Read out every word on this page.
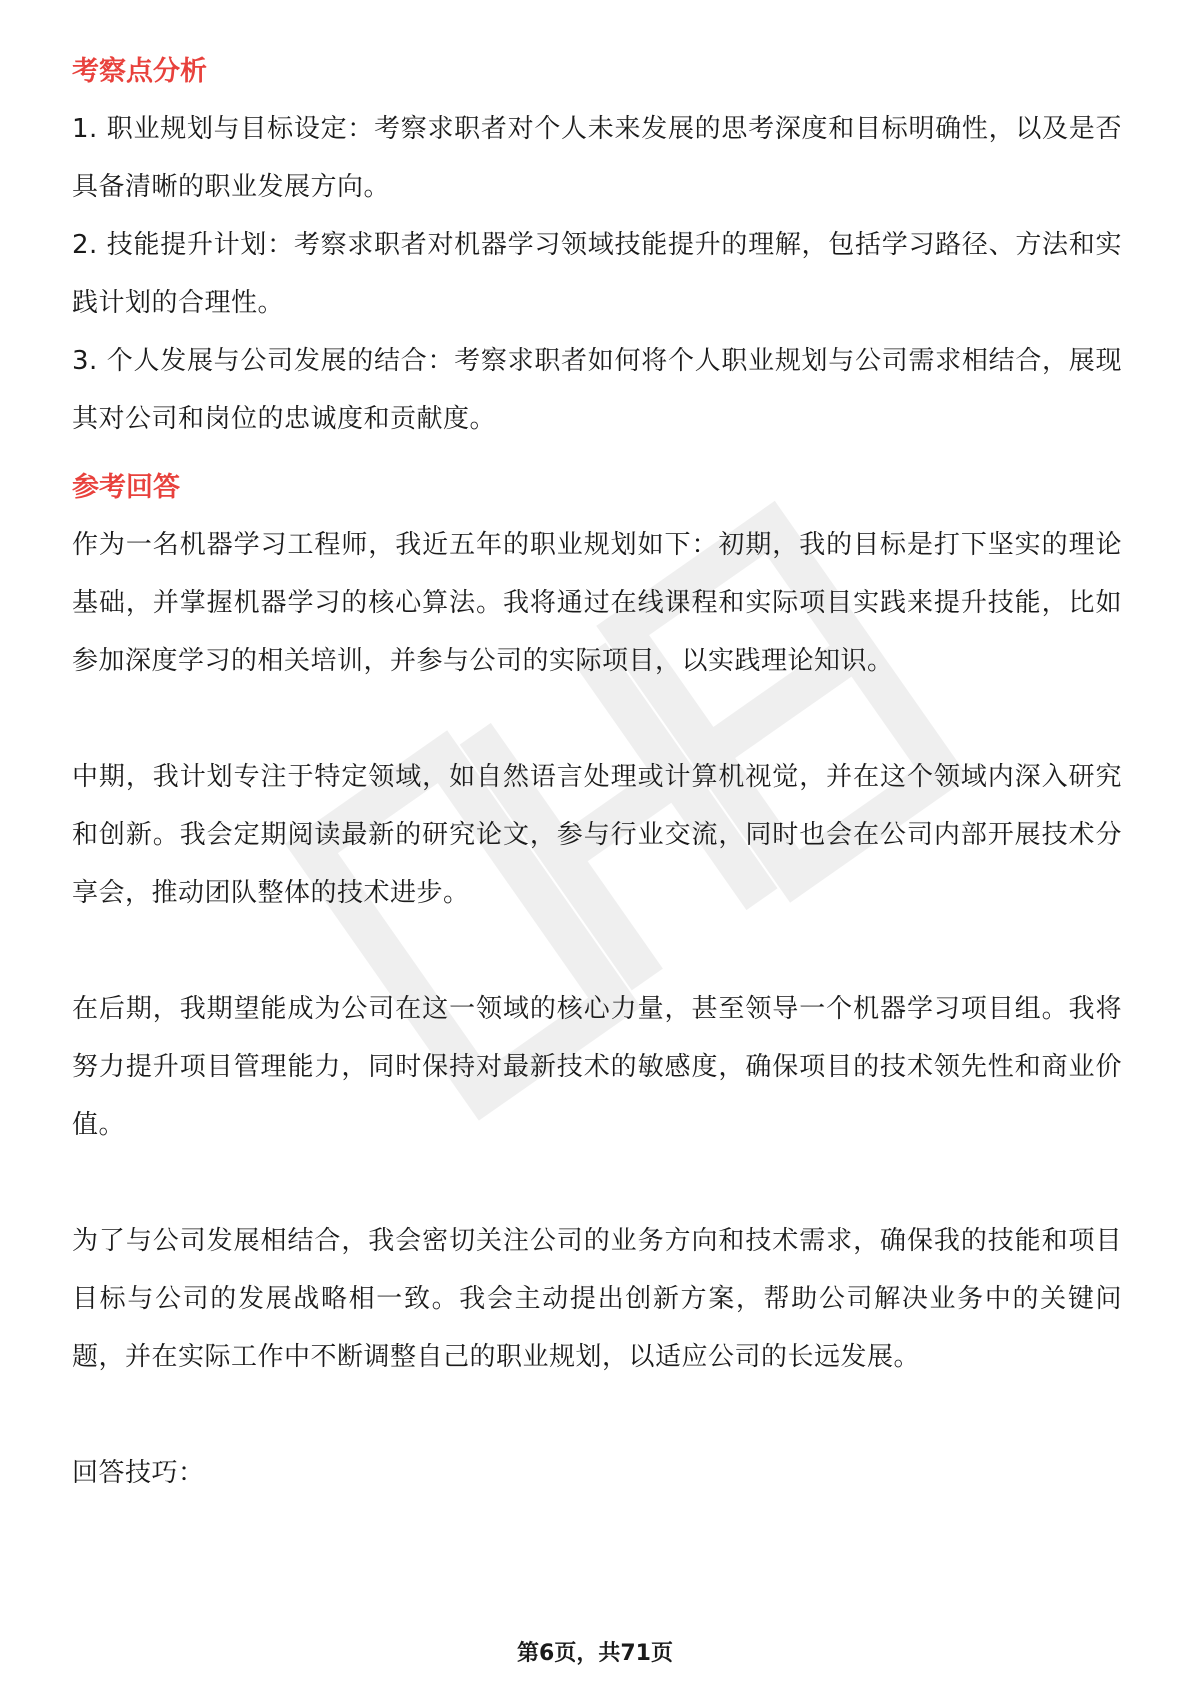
考察点分析

1. 职业规划与目标设定：考察求职者对个人未来发展的思考深度和目标明确性，以及是否具备清晰的职业发展方向。

2. 技能提升计划：考察求职者对机器学习领域技能提升的理解，包括学习路径、方法和实践计划的合理性。

3. 个人发展与公司发展的结合：考察求职者如何将个人职业规划与公司需求相结合，展现其对公司和岗位的忠诚度和贡献度。

参考回答

作为一名机器学习工程师，我近五年的职业规划如下：初期，我的目标是打下坚实的理论基础，并掌握机器学习的核心算法。我将通过在线课程和实际项目实践来提升技能，比如参加深度学习的相关培训，并参与公司的实际项目，以实践理论知识。

中期，我计划专注于特定领域，如自然语言处理或计算机视觉，并在这个领域内深入研究和创新。我会定期阅读最新的研究论文，参与行业交流，同时也会在公司内部开展技术分享会，推动团队整体的技术进步。

在后期，我期望能成为公司在这一领域的核心力量，甚至领导一个机器学习项目组。我将努力提升项目管理能力，同时保持对最新技术的敏感度，确保项目的技术领先性和商业价值。

为了与公司发展相结合，我会密切关注公司的业务方向和技术需求，确保我的技能和项目目标与公司的发展战略相一致。我会主动提出创新方案，帮助公司解决业务中的关键问题，并在实际工作中不断调整自己的职业规划，以适应公司的长远发展。

回答技巧：

第6页，共71页
